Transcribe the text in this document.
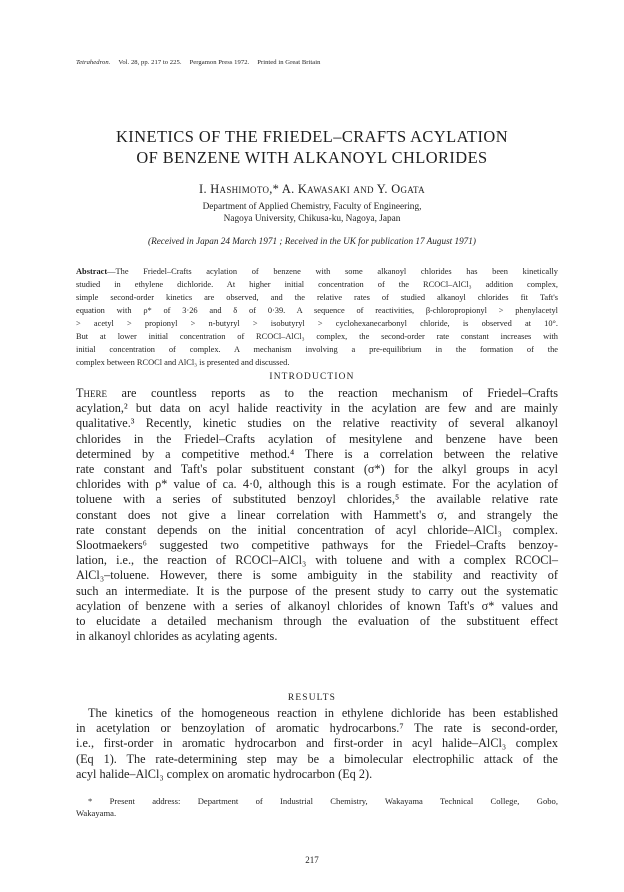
Tetrahedron. Vol. 28, pp. 217 to 225. Pergamon Press 1972. Printed in Great Britain
KINETICS OF THE FRIEDEL–CRAFTS ACYLATION
OF BENZENE WITH ALKANOYL CHLORIDES
I. Hashimoto,* A. Kawasaki and Y. Ogata
Department of Applied Chemistry, Faculty of Engineering,
Nagoya University, Chikusa-ku, Nagoya, Japan
(Received in Japan 24 March 1971 ; Received in the UK for publication 17 August 1971)
Abstract—The Friedel–Crafts acylation of benzene with some alkanoyl chlorides has been kinetically
studied in ethylene dichloride. At higher initial concentration of the RCOCl–AlCl₃ addition complex,
simple second-order kinetics are observed, and the relative rates of studied alkanoyl chlorides fit Taft's
equation with ρ* of 3·26 and δ of 0·39. A sequence of reactivities, β-chloropropionyl > phenylacetyl
> acetyl > propionyl > n-butyryl > isobutyryl > cyclohexanecarbonyl chloride, is observed at 10°.
But at lower initial concentration of RCOCl–AlCl₃ complex, the second-order rate constant increases with
initial concentration of complex. A mechanism involving a pre-equilibrium in the formation of the
complex between RCOCl and AlCl₃ is presented and discussed.
INTRODUCTION
There are countless reports as to the reaction mechanism of Friedel–Crafts
acylation,² but data on acyl halide reactivity in the acylation are few and are mainly
qualitative.³ Recently, kinetic studies on the relative reactivity of several alkanoyl
chlorides in the Friedel–Crafts acylation of mesitylene and benzene have been
determined by a competitive method.⁴ There is a correlation between the relative
rate constant and Taft's polar substituent constant (σ*) for the alkyl groups in acyl
chlorides with ρ* value of ca. 4·0, although this is a rough estimate. For the acylation of
toluene with a series of substituted benzoyl chlorides,⁵ the available relative rate
constant does not give a linear correlation with Hammett's σ, and strangely the
rate constant depends on the initial concentration of acyl chloride–AlCl₃ complex.
Slootmaekers⁶ suggested two competitive pathways for the Friedel–Crafts benzoy-
lation, i.e., the reaction of RCOCl–AlCl₃ with toluene and with a complex RCOCl–
AlCl₃–toluene. However, there is some ambiguity in the stability and reactivity of
such an intermediate. It is the purpose of the present study to carry out the systematic
acylation of benzene with a series of alkanoyl chlorides of known Taft's σ* values and
to elucidate a detailed mechanism through the evaluation of the substituent effect
in alkanoyl chlorides as acylating agents.
RESULTS
The kinetics of the homogeneous reaction in ethylene dichloride has been established
in acetylation or benzoylation of aromatic hydrocarbons.⁷ The rate is second-order,
i.e., first-order in aromatic hydrocarbon and first-order in acyl halide–AlCl₃ complex
(Eq 1). The rate-determining step may be a bimolecular electrophilic attack of the
acyl halide–AlCl₃ complex on aromatic hydrocarbon (Eq 2).
* Present address: Department of Industrial Chemistry, Wakayama Technical College, Gobo,
Wakayama.
217
